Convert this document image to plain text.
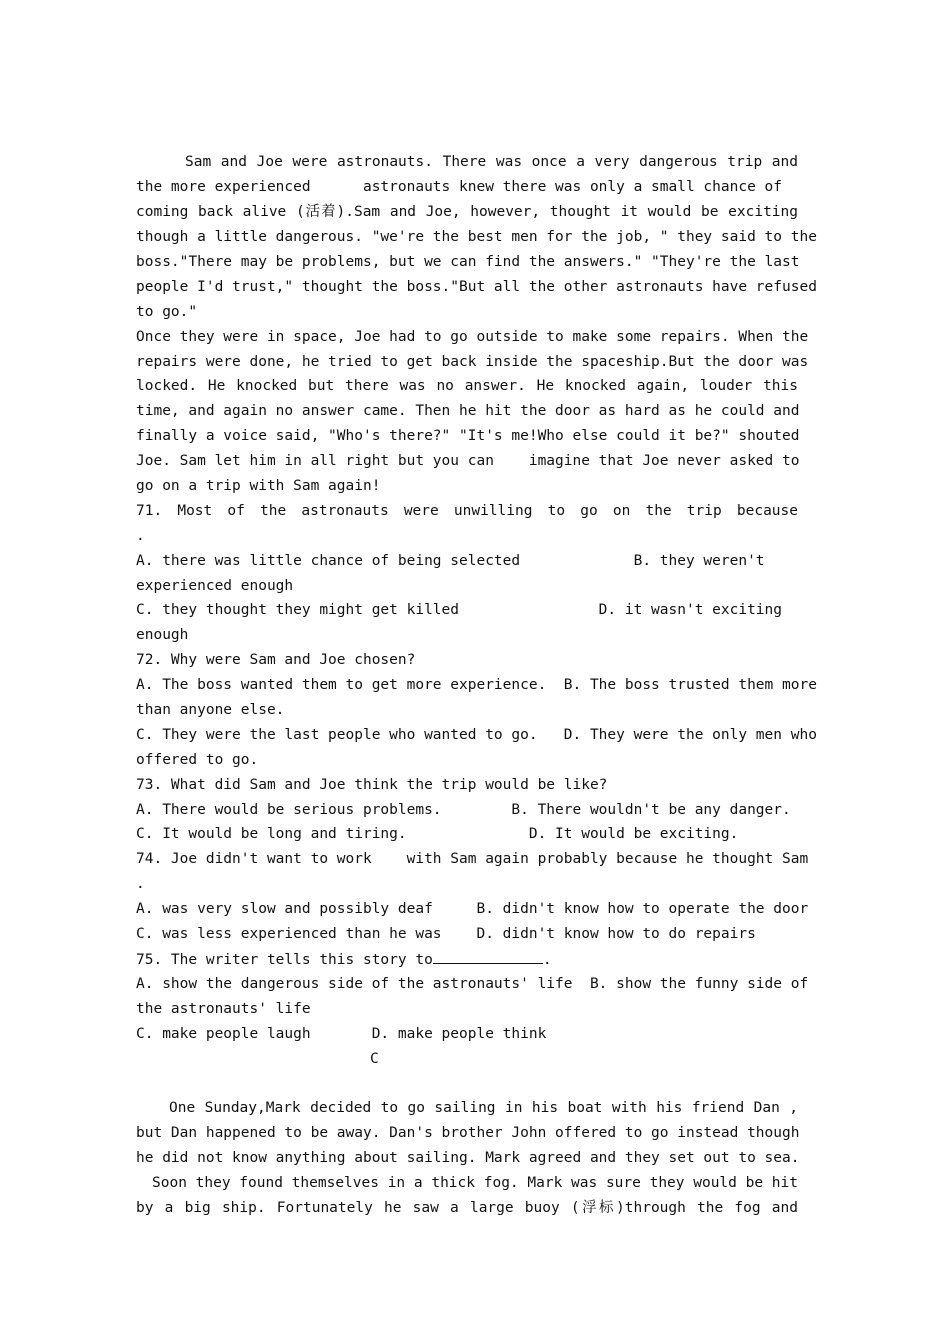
Sam and Joe were astronauts. There was once a very dangerous trip and
the more experienced      astronauts knew there was only a small chance of
coming back alive (活着).Sam and Joe, however, thought it would be exciting
though a little dangerous. "we're the best men for the job, " they said to the
boss."There may be problems, but we can find the answers." "They're the last
people I'd trust," thought the boss."But all the other astronauts have refused
to go."
Once they were in space, Joe had to go outside to make some repairs. When the
repairs were done, he tried to get back inside the spaceship.But the door was
locked. He knocked but there was no answer. He knocked again, louder this
time, and again no answer came. Then he hit the door as hard as he could and
finally a voice said, "Who's there?" "It's me!Who else could it be?" shouted
Joe. Sam let him in all right but you can    imagine that Joe never asked to
go on a trip with Sam again!
71. Most of the astronauts were unwilling to go on the trip because
.
A. there was little chance of being selected             B. they weren't
experienced enough
C. they thought they might get killed                D. it wasn't exciting
enough
72. Why were Sam and Joe chosen?
A. The boss wanted them to get more experience.  B. The boss trusted them more
than anyone else.
C. They were the last people who wanted to go.   D. They were the only men who
offered to go.
73. What did Sam and Joe think the trip would be like?
A. There would be serious problems.        B. There wouldn't be any danger.
C. It would be long and tiring.              D. It would be exciting.
74. Joe didn't want to work    with Sam again probably because he thought Sam
.
A. was very slow and possibly deaf     B. didn't know how to operate the door
C. was less experienced than he was    D. didn't know how to do repairs
75. The writer tells this story to	.
A. show the dangerous side of the astronauts' life  B. show the funny side of
the astronauts' life
C. make people laugh       D. make people think
C
One Sunday,Mark decided to go sailing in his boat with his friend Dan ,
but Dan happened to be away. Dan's brother John offered to go instead though
he did not know anything about sailing. Mark agreed and they set out to sea.
Soon they found themselves in a thick fog. Mark was sure they would be hit
by a big ship. Fortunately he saw a large buoy (浮标)through the fog and
